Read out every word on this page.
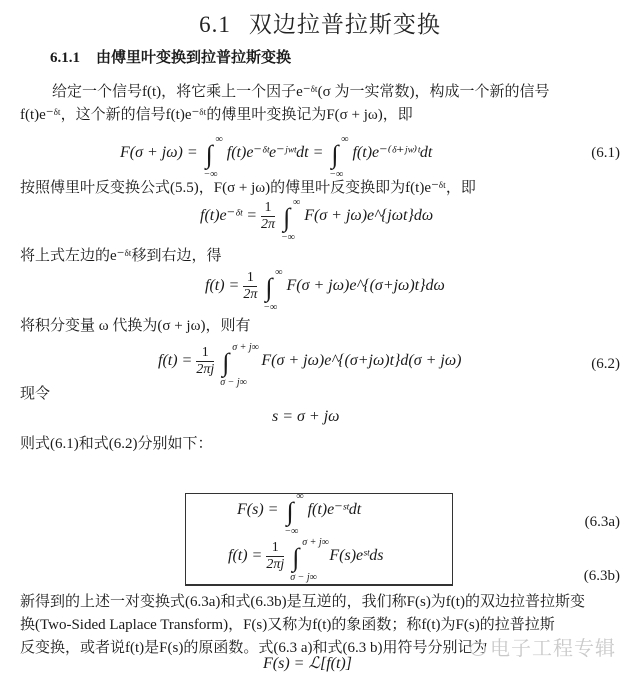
6.1 双边拉普拉斯变换
6.1.1 由傅里叶变换到拉普拉斯变换
给定一个信号f(t)，将它乘上一个因子e⁻ᵟᵗ(σ 为一实常数)，构成一个新的信号
f(t)e⁻ᵟᵗ，这个新的信号f(t)e⁻ᵟᵗ的傅里叶变换记为F(σ + jω)，即
F(σ + jω) = ∫
∞
−∞
f(t)e⁻ᵟᵗe⁻ʲʷᵗdt = ∫
∞
−∞
f(t)e⁻⁽ᵟ⁺ʲʷ⁾ᵗdt	(6.1)
按照傅里叶反变换公式(5.5)，F(σ + jω)的傅里叶反变换即为f(t)e⁻ᵟᵗ，即
f(t)e⁻ᵟᵗ = $\frac{1}{2\pi}$ ∫
∞
−∞
F(σ + jω)e^{jωt}dω
将上式左边的e⁻ᵟᵗ移到右边，得
$f(t) = \frac{1}{2\pi}$ ∫
∞
−∞
F(σ + jω)e^{(σ+jω)t}dω
将积分变量 ω 代换为(σ + jω)，则有
$f(t) = \frac{1}{2\pi j}$ ∫
σ + j∞
σ − j∞
F(σ + jω)e^{(σ+jω)t}d(σ + jω)	(6.2)
现令
s = σ + jω
则式(6.1)和式(6.2)分别如下：
F(s) = ∫
∞
−∞
f(t)e⁻ˢᵗdt
(6.3a)
$f(t) = \frac{1}{2\pi j}$ ∫
σ + j∞
σ − j∞
F(s)eˢᵗds
(6.3b)
新得到的上述一对变换式(6.3a)和式(6.3b)是互逆的，我们称F(s)为f(t)的双边拉普拉斯变
换(Two-Sided Laplace Transform)，F(s)又称为f(t)的象函数；称f(t)为F(s)的拉普拉斯
反变换，或者说f(t)是F(s)的原函数。式(6.3 a)和式(6.3 b)用符号分别记为
F(s) = ℒ[f(t)]
电子工程专辑
